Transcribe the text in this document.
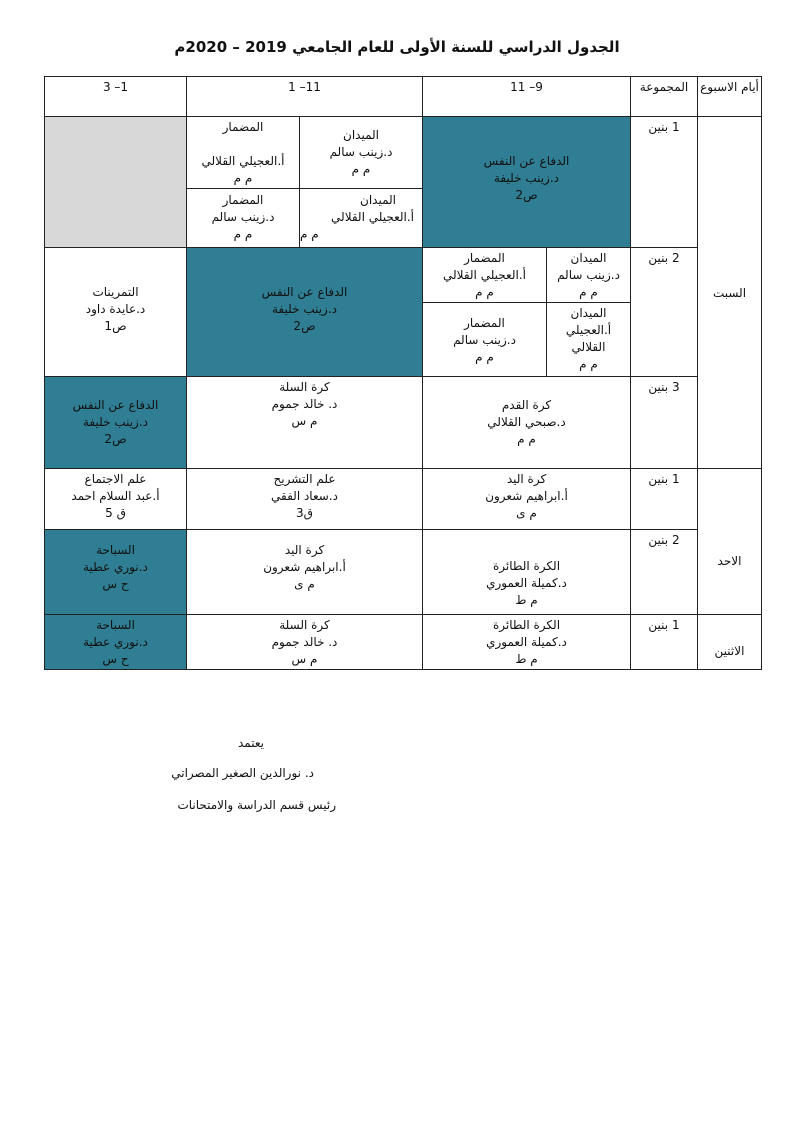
الجدول الدراسي للسنة الأولى للعام الجامعي 2019 – 2020م
أيام الاسبوع
المجموعة
9– 11
11– 1
1– 3
السبت
الاحد
الاثنين
1 بنين
2 بنين
3 بنين
1 بنين
2 بنين
1 بنين
الدفاع عن النفس
د.زينب خليفة
ص2
الميدان
د.زينب سالم
م م
المضمار
أ.العجيلي القلالي
م م
الميدان
أ.العجيلي القلالي
م م
المضمار
د.زينب سالم
م م
الميدان
د.زينب سالم
م م
المضمار
أ.العجيلي القلالي
م م
الميدان
أ.العجيلي
القلالي
م م
المضمار
د.زينب سالم
م م
الدفاع عن النفس
د.زينب خليفة
ص2
التمرينات
د.عايدة داود
ص1
كرة القدم
د.صبحي القلالي
م م
كرة السلة
د. خالد جموم
م س
الدفاع عن النفس
د.زينب خليفة
ص2
كرة اليد
أ.ابراهيم شعرون
م ى
علم التشريح
د.سعاد الفقي
ق3
علم الاجتماع
أ.عبد السلام احمد
ق 5
الكرة الطائرة
د.كميلة العموري
م ط
كرة اليد
أ.ابراهيم شعرون
م ى
السباحة
د.نوري عطية
ح س
الكرة الطائرة
د.كميلة العموري
م ط
كرة السلة
د. خالد جموم
م س
السباحة
د.نوري عطية
ح س
يعتمد
د. نورالدين الصغير المصراتي
رئيس قسم الدراسة والامتحانات
